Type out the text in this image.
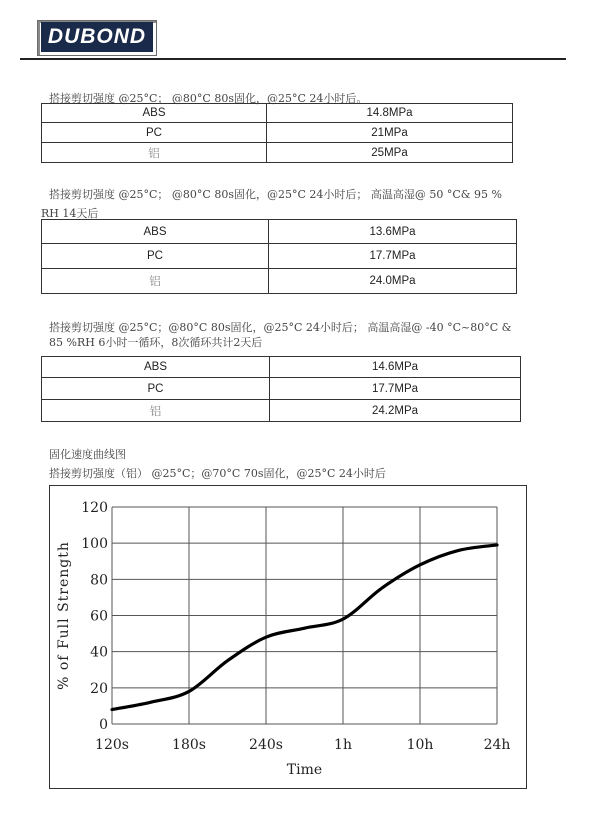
DUBOND
搭接剪切强度 @25°C； @80°C 80s固化，@25°C 24小时后。
ABS	14.8MPa
PC	21MPa
铝	25MPa
搭接剪切强度 @25°C； @80°C 80s固化，@25°C 24小时后； 高温高湿@ 50 °C& 95 %
RH 14天后
ABS	13.6MPa
PC	17.7MPa
铝	24.0MPa
搭接剪切强度 @25°C；@80°C 80s固化，@25°C 24小时后； 高温高湿@ -40 °C~80°C &
85 %RH 6小时一循环，8次循环共计2天后
ABS	14.6MPa
PC	17.7MPa
铝	24.2MPa
固化速度曲线图
搭接剪切强度（铝） @25°C；@70°C 70s固化，@25°C 24小时后
0
20
40
60
80
100
120
120s	180s	240s	1h	10h	24h
Time
% of Full Strength
